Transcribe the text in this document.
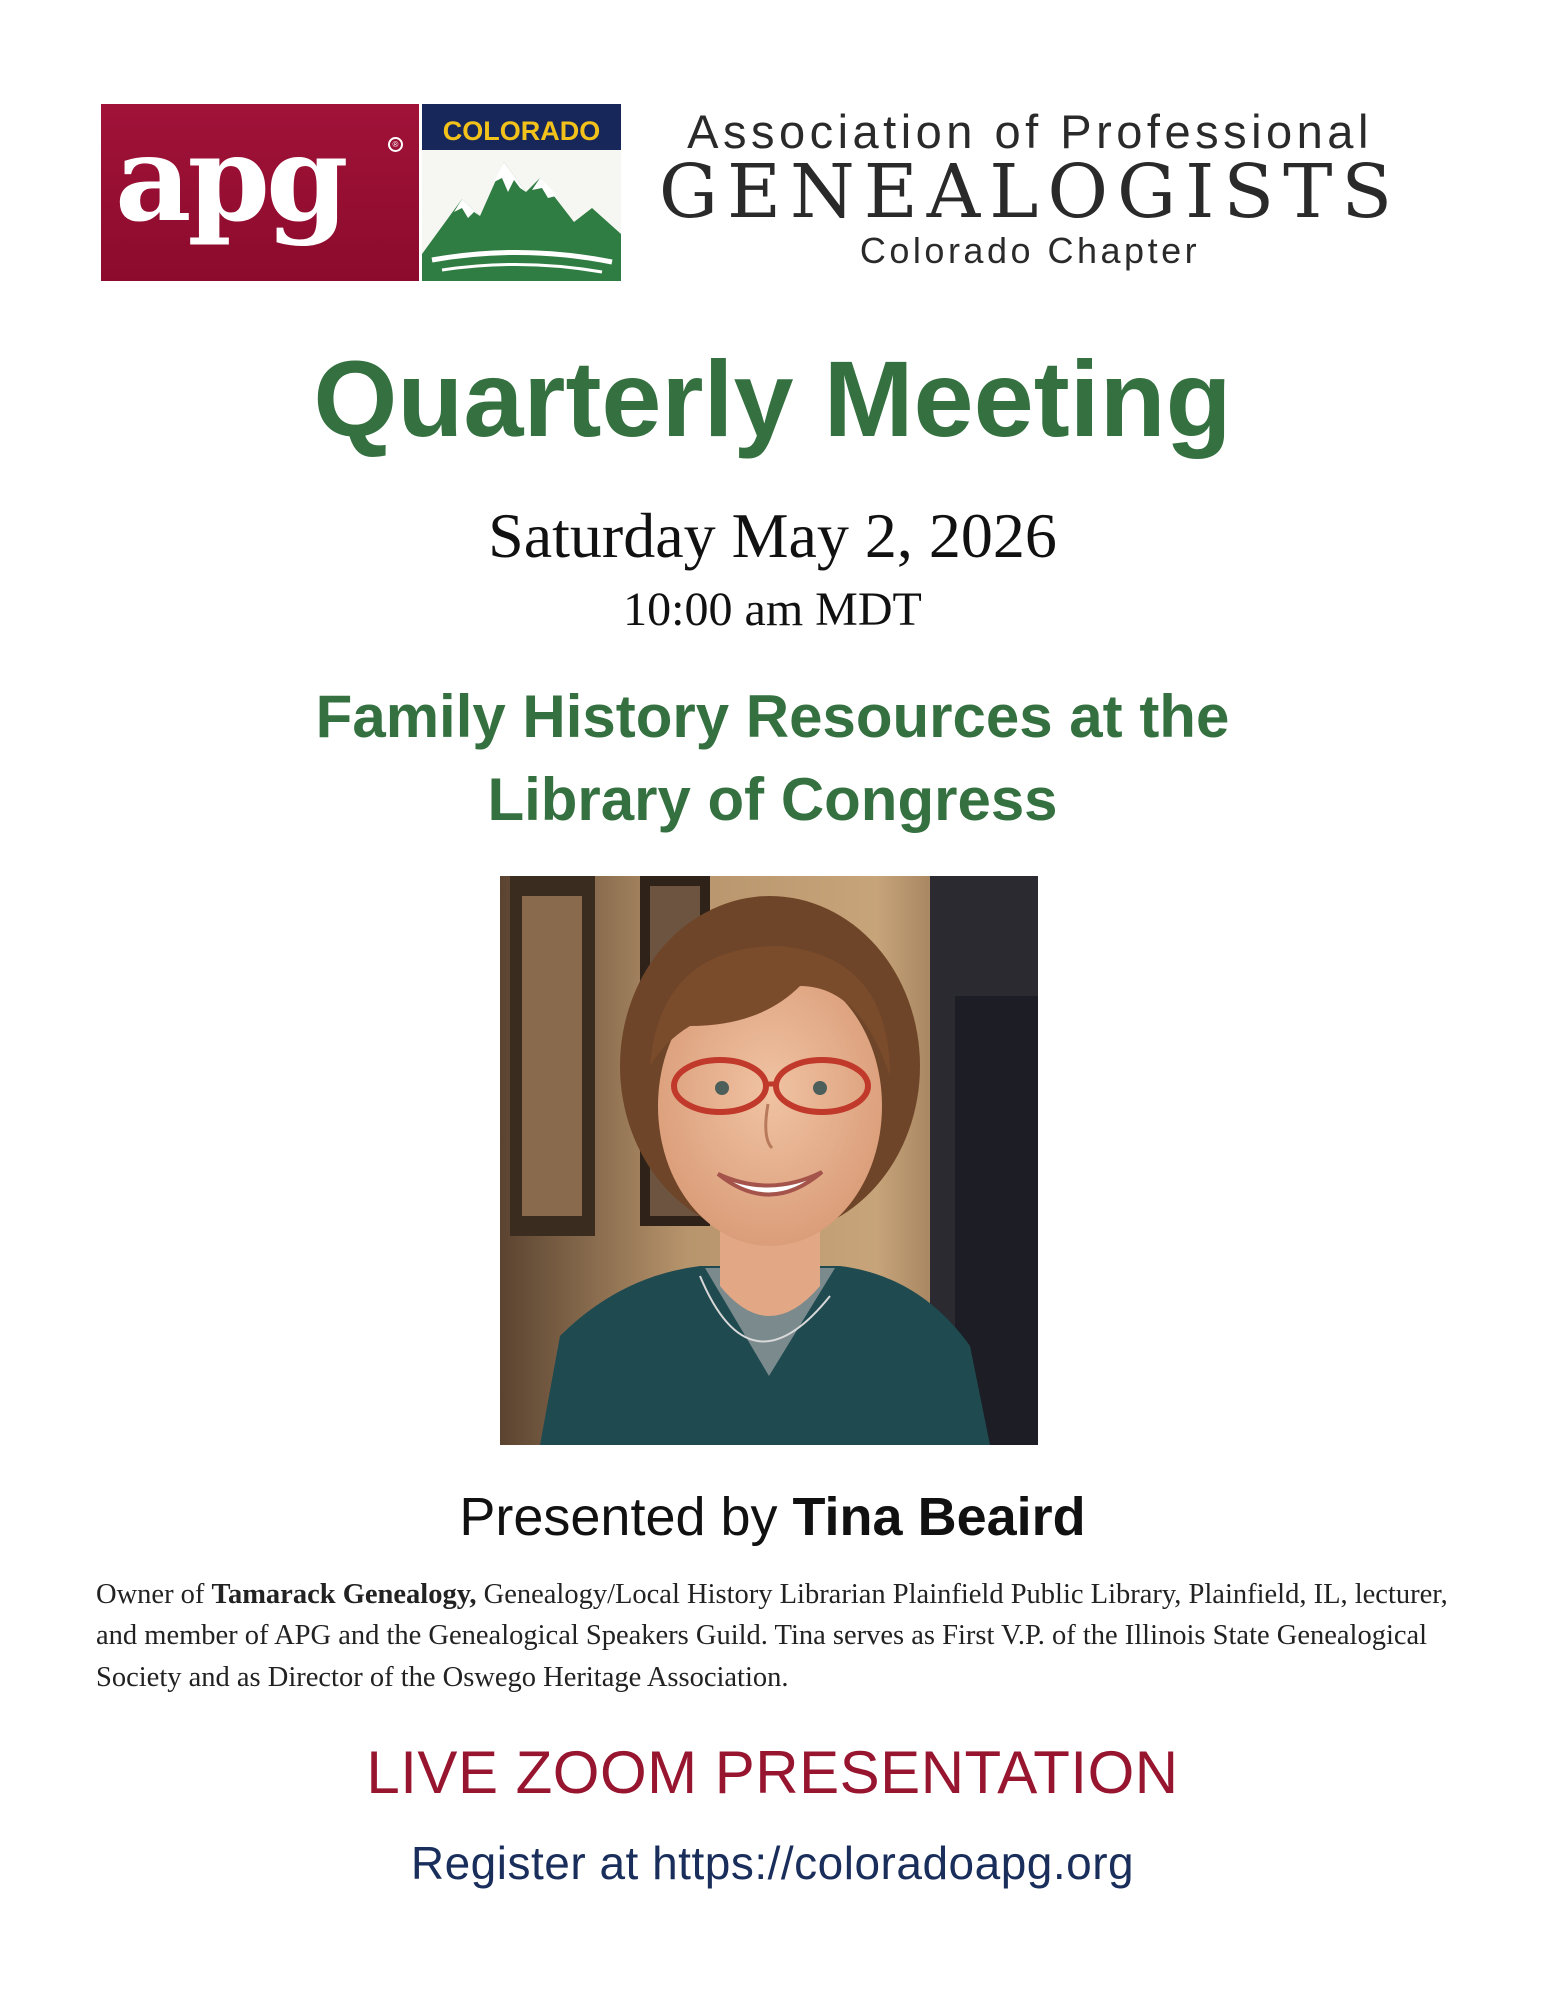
apg	®	COLORADO	Association of Professional
GENEALOGISTS
Colorado Chapter
Quarterly Meeting
Saturday May 2, 2026
10:00 am MDT
Family History Resources at the
Library of Congress
Presented by Tina Beaird
Owner of Tamarack Genealogy, Genealogy/Local History Librarian Plainfield Public Library, Plainfield, IL, lecturer, and member of APG and the Genealogical Speakers Guild. Tina serves as First V.P. of the Illinois State Genealogical Society and as Director of the Oswego Heritage Association.
LIVE ZOOM PRESENTATION
Register at https://coloradoapg.org
